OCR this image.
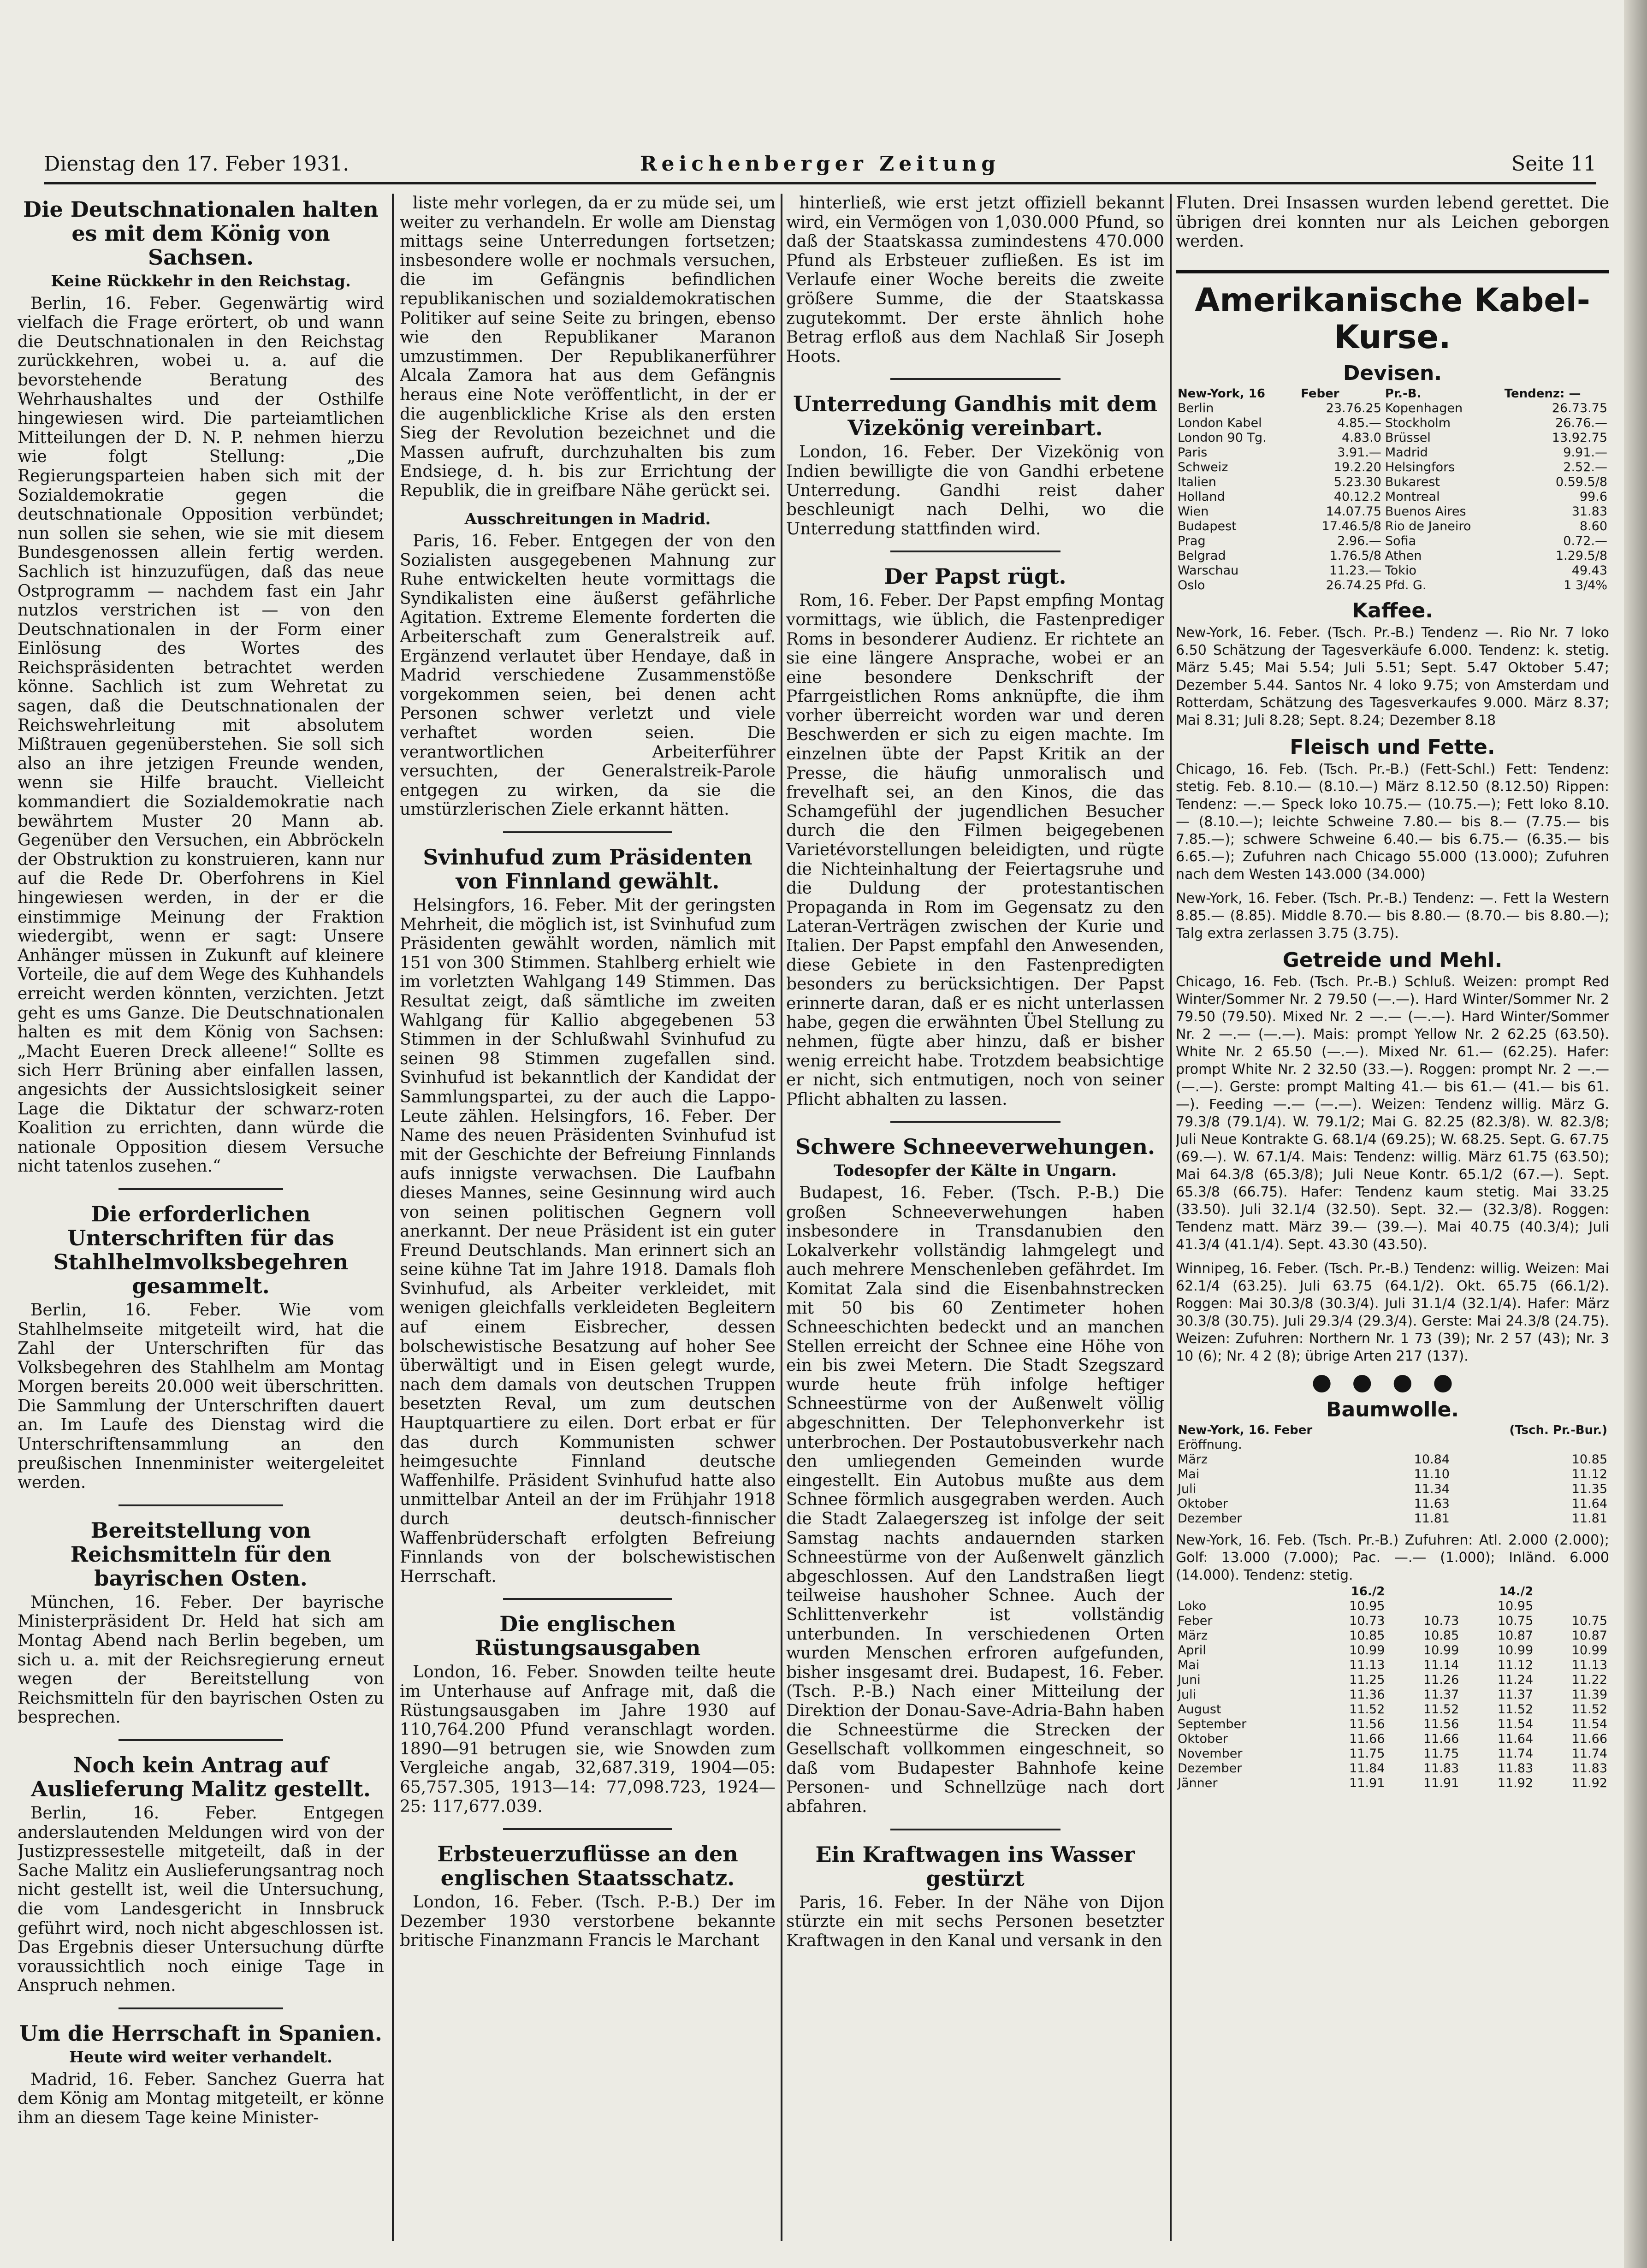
Dienstag den 17. Feber 1931.	Reichenberger Zeitung	Seite 11
Die Deutschnationalen halten es mit dem König von Sachsen.
Keine Rückkehr in den Reichstag.

Berlin, 16. Feber. Gegenwärtig wird vielfach die Frage erörtert, ob und wann die Deutschnationalen in den Reichstag zurückkehren, wobei u. a. auf die bevorstehende Beratung des Wehrhaushaltes und der Osthilfe hingewiesen wird. Die parteiamtlichen Mitteilungen der D. N. P. nehmen hierzu wie folgt Stellung: „Die Regierungsparteien haben sich mit der Sozialdemokratie gegen die deutschnationale Opposition verbündet; nun sollen sie sehen, wie sie mit diesem Bundesgenossen allein fertig werden. Sachlich ist hinzuzufügen, daß das neue Ostprogramm — nachdem fast ein Jahr nutzlos verstrichen ist — von den Deutschnationalen in der Form einer Einlösung des Wortes des Reichspräsidenten betrachtet werden könne. Sachlich ist zum Wehretat zu sagen, daß die Deutschnationalen der Reichswehrleitung mit absolutem Mißtrauen gegenüberstehen. Sie soll sich also an ihre jetzigen Freunde wenden, wenn sie Hilfe braucht. Vielleicht kommandiert die Sozialdemokratie nach bewährtem Muster 20 Mann ab. Gegenüber den Versuchen, ein Abbröckeln der Obstruktion zu konstruieren, kann nur auf die Rede Dr. Oberfohrens in Kiel hingewiesen werden, in der er die einstimmige Meinung der Fraktion wiedergibt, wenn er sagt: Unsere Anhänger müssen in Zukunft auf kleinere Vorteile, die auf dem Wege des Kuhhandels erreicht werden könnten, verzichten. Jetzt geht es ums Ganze. Die Deutschnationalen halten es mit dem König von Sachsen: „Macht Eueren Dreck alleene!“ Sollte es sich Herr Brüning aber einfallen lassen, angesichts der Aussichtslosigkeit seiner Lage die Diktatur der schwarz-roten Koalition zu errichten, dann würde die nationale Opposition diesem Versuche nicht tatenlos zusehen.“

Die erforderlichen Unterschriften für das Stahlhelmvolksbegehren gesammelt.

Berlin, 16. Feber. Wie vom Stahlhelmseite mitgeteilt wird, hat die Zahl der Unterschriften für das Volksbegehren des Stahlhelm am Montag Morgen bereits 20.000 weit überschritten. Die Sammlung der Unterschriften dauert an. Im Laufe des Dienstag wird die Unterschriftensammlung an den preußischen Innenminister weitergeleitet werden.

Bereitstellung von Reichsmitteln für den bayrischen Osten.

München, 16. Feber. Der bayrische Ministerpräsident Dr. Held hat sich am Montag Abend nach Berlin begeben, um sich u. a. mit der Reichsregierung erneut wegen der Bereitstellung von Reichsmitteln für den bayrischen Osten zu besprechen.

Noch kein Antrag auf Auslieferung Malitz gestellt.

Berlin, 16. Feber. Entgegen anderslautenden Meldungen wird von der Justizpressestelle mitgeteilt, daß in der Sache Malitz ein Auslieferungsantrag noch nicht gestellt ist, weil die Untersuchung, die vom Landesgericht in Innsbruck geführt wird, noch nicht abgeschlossen ist. Das Ergebnis dieser Untersuchung dürfte voraussichtlich noch einige Tage in Anspruch nehmen.

Um die Herrschaft in Spanien.
Heute wird weiter verhandelt.

Madrid, 16. Feber. Sanchez Guerra hat dem König am Montag mitgeteilt, er könne ihm an diesem Tage keine Minister-

liste mehr vorlegen, da er zu müde sei, um weiter zu verhandeln. Er wolle am Dienstag mittags seine Unterredungen fortsetzen; insbesondere wolle er nochmals versuchen, die im Gefängnis befindlichen republikanischen und sozialdemokratischen Politiker auf seine Seite zu bringen, ebenso wie den Republikaner Maranon umzustimmen. Der Republikanerführer Alcala Zamora hat aus dem Gefängnis heraus eine Note veröffentlicht, in der er die augenblickliche Krise als den ersten Sieg der Revolution bezeichnet und die Massen aufruft, durchzuhalten bis zum Endsiege, d. h. bis zur Errichtung der Republik, die in greifbare Nähe gerückt sei.

Ausschreitungen in Madrid.

Paris, 16. Feber. Entgegen der von den Sozialisten ausgegebenen Mahnung zur Ruhe entwickelten heute vormittags die Syndikalisten eine äußerst gefährliche Agitation. Extreme Elemente forderten die Arbeiterschaft zum Generalstreik auf. Ergänzend verlautet über Hendaye, daß in Madrid verschiedene Zusammenstöße vorgekommen seien, bei denen acht Personen schwer verletzt und viele verhaftet worden seien. Die verantwortlichen Arbeiterführer versuchten, der Generalstreik-Parole entgegen zu wirken, da sie die umstürzlerischen Ziele erkannt hätten.

Svinhufud zum Präsidenten von Finnland gewählt.

Helsingfors, 16. Feber. Mit der geringsten Mehrheit, die möglich ist, ist Svinhufud zum Präsidenten gewählt worden, nämlich mit 151 von 300 Stimmen. Stahlberg erhielt wie im vorletzten Wahlgang 149 Stimmen. Das Resultat zeigt, daß sämtliche im zweiten Wahlgang für Kallio abgegebenen 53 Stimmen in der Schlußwahl Svinhufud zu seinen 98 Stimmen zugefallen sind. Svinhufud ist bekanntlich der Kandidat der Sammlungspartei, zu der auch die Lappo-Leute zählen. Helsingfors, 16. Feber. Der Name des neuen Präsidenten Svinhufud ist mit der Geschichte der Befreiung Finnlands aufs innigste verwachsen. Die Laufbahn dieses Mannes, seine Gesinnung wird auch von seinen politischen Gegnern voll anerkannt. Der neue Präsident ist ein guter Freund Deutschlands. Man erinnert sich an seine kühne Tat im Jahre 1918. Damals floh Svinhufud, als Arbeiter verkleidet, mit wenigen gleichfalls verkleideten Begleitern auf einem Eisbrecher, dessen bolschewistische Besatzung auf hoher See überwältigt und in Eisen gelegt wurde, nach dem damals von deutschen Truppen besetzten Reval, um zum deutschen Hauptquartiere zu eilen. Dort erbat er für das durch Kommunisten schwer heimgesuchte Finnland deutsche Waffenhilfe. Präsident Svinhufud hatte also unmittelbar Anteil an der im Frühjahr 1918 durch deutsch-finnischer Waffenbrüderschaft erfolgten Befreiung Finnlands von der bolschewistischen Herrschaft.

Die englischen Rüstungsausgaben

London, 16. Feber. Snowden teilte heute im Unterhause auf Anfrage mit, daß die Rüstungsausgaben im Jahre 1930 auf 110,764.200 Pfund veranschlagt worden. 1890—91 betrugen sie, wie Snowden zum Vergleiche angab, 32,687.319, 1904—05: 65,757.305, 1913—14: 77,098.723, 1924—25: 117,677.039.

Erbsteuerzuflüsse an den englischen Staatsschatz.

London, 16. Feber. (Tsch. P.-B.) Der im Dezember 1930 verstorbene bekannte britische Finanzmann Francis le Marchant

hinterließ, wie erst jetzt offiziell bekannt wird, ein Vermögen von 1,030.000 Pfund, so daß der Staatskassa zumindestens 470.000 Pfund als Erbsteuer zufließen. Es ist im Verlaufe einer Woche bereits die zweite größere Summe, die der Staatskassa zugutekommt. Der erste ähnlich hohe Betrag erfloß aus dem Nachlaß Sir Joseph Hoots.

Unterredung Gandhis mit dem Vizekönig vereinbart.

London, 16. Feber. Der Vizekönig von Indien bewilligte die von Gandhi erbetene Unterredung. Gandhi reist daher beschleunigt nach Delhi, wo die Unterredung stattfinden wird.

Der Papst rügt.

Rom, 16. Feber. Der Papst empfing Montag vormittags, wie üblich, die Fastenprediger Roms in besonderer Audienz. Er richtete an sie eine längere Ansprache, wobei er an eine besondere Denkschrift der Pfarrgeistlichen Roms anknüpfte, die ihm vorher überreicht worden war und deren Beschwerden er sich zu eigen machte. Im einzelnen übte der Papst Kritik an der Presse, die häufig unmoralisch und frevelhaft sei, an den Kinos, die das Schamgefühl der jugendlichen Besucher durch die den Filmen beigegebenen Varietévorstellungen beleidigten, und rügte die Nichteinhaltung der Feiertagsruhe und die Duldung der protestantischen Propaganda in Rom im Gegensatz zu den Lateran-Verträgen zwischen der Kurie und Italien. Der Papst empfahl den Anwesenden, diese Gebiete in den Fastenpredigten besonders zu berücksichtigen. Der Papst erinnerte daran, daß er es nicht unterlassen habe, gegen die erwähnten Übel Stellung zu nehmen, fügte aber hinzu, daß er bisher wenig erreicht habe. Trotzdem beabsichtige er nicht, sich entmutigen, noch von seiner Pflicht abhalten zu lassen.

Schwere Schneeverwehungen.
Todesopfer der Kälte in Ungarn.

Budapest, 16. Feber. (Tsch. P.-B.) Die großen Schneeverwehungen haben insbesondere in Transdanubien den Lokalverkehr vollständig lahmgelegt und auch mehrere Menschenleben gefährdet. Im Komitat Zala sind die Eisenbahnstrecken mit 50 bis 60 Zentimeter hohen Schneeschichten bedeckt und an manchen Stellen erreicht der Schnee eine Höhe von ein bis zwei Metern. Die Stadt Szegszard wurde heute früh infolge heftiger Schneestürme von der Außenwelt völlig abgeschnitten. Der Telephonverkehr ist unterbrochen. Der Postautobusverkehr nach den umliegenden Gemeinden wurde eingestellt. Ein Autobus mußte aus dem Schnee förmlich ausgegraben werden. Auch die Stadt Zalaegerszeg ist infolge der seit Samstag nachts andauernden starken Schneestürme von der Außenwelt gänzlich abgeschlossen. Auf den Landstraßen liegt teilweise haushoher Schnee. Auch der Schlittenverkehr ist vollständig unterbunden. In verschiedenen Orten wurden Menschen erfroren aufgefunden, bisher insgesamt drei. Budapest, 16. Feber. (Tsch. P.-B.) Nach einer Mitteilung der Direktion der Donau-Save-Adria-Bahn haben die Schneestürme die Strecken der Gesellschaft vollkommen eingeschneit, so daß vom Budapester Bahnhofe keine Personen- und Schnellzüge nach dort abfahren.

Ein Kraftwagen ins Wasser gestürzt

Paris, 16. Feber. In der Nähe von Dijon stürzte ein mit sechs Personen besetzter Kraftwagen in den Kanal und versank in den

Fluten. Drei Insassen wurden lebend gerettet. Die übrigen drei konnten nur als Leichen geborgen werden.

Amerikanische Kabel-Kurse.
Devisen.
New-York, 16	Feber	Pr.-B.	Tendenz: —
Berlin	23.76.25	Kopenhagen	26.73.75
London Kabel	4.85.—	Stockholm	26.76.—
London 90 Tg.	4.83.0	Brüssel	13.92.75
Paris	3.91.—	Madrid	9.91.—
Schweiz	19.2.20	Helsingfors	2.52.—
Italien	5.23.30	Bukarest	0.59.5/8
Holland	40.12.2	Montreal	99.6
Wien	14.07.75	Buenos Aires	31.83
Budapest	17.46.5/8	Rio de Janeiro	8.60
Prag	2.96.—	Sofia	0.72.—
Belgrad	1.76.5/8	Athen	1.29.5/8
Warschau	11.23.—	Tokio	49.43
Oslo	26.74.25	Pfd. G.	1 3/4%
Kaffee.

New-York, 16. Feber. (Tsch. Pr.-B.) Tendenz —. Rio Nr. 7 loko 6.50 Schätzung der Tagesverkäufe 6.000. Tendenz: k. stetig. März 5.45; Mai 5.54; Juli 5.51; Sept. 5.47 Oktober 5.47; Dezember 5.44. Santos Nr. 4 loko 9.75; von Amsterdam und Rotterdam, Schätzung des Tagesverkaufes 9.000. März 8.37; Mai 8.31; Juli 8.28; Sept. 8.24; Dezember 8.18

Fleisch und Fette.

Chicago, 16. Feb. (Tsch. Pr.-B.) (Fett-Schl.) Fett: Tendenz: stetig. Feb. 8.10.— (8.10.—) März 8.12.50 (8.12.50) Rippen: Tendenz: —.— Speck loko 10.75.— (10.75.—); Fett loko 8.10.— (8.10.—); leichte Schweine 7.80.— bis 8.— (7.75.— bis 7.85.—); schwere Schweine 6.40.— bis 6.75.— (6.35.— bis 6.65.—); Zufuhren nach Chicago 55.000 (13.000); Zufuhren nach dem Westen 143.000 (34.000)

New-York, 16. Feber. (Tsch. Pr.-B.) Tendenz: —. Fett la Western 8.85.— (8.85). Middle 8.70.— bis 8.80.— (8.70.— bis 8.80.—); Talg extra zerlassen 3.75 (3.75).

Getreide und Mehl.

Chicago, 16. Feb. (Tsch. Pr.-B.) Schluß. Weizen: prompt Red Winter/Sommer Nr. 2 79.50 (—.—). Hard Winter/Sommer Nr. 2 79.50 (79.50). Mixed Nr. 2 —.— (—.—). Hard Winter/Sommer Nr. 2 —.— (—.—). Mais: prompt Yellow Nr. 2 62.25 (63.50). White Nr. 2 65.50 (—.—). Mixed Nr. 61.— (62.25). Hafer: prompt White Nr. 2 32.50 (33.—). Roggen: prompt Nr. 2 —.— (—.—). Gerste: prompt Malting 41.— bis 61.— (41.— bis 61.—). Feeding —.— (—.—). Weizen: Tendenz willig. März G. 79.3/8 (79.1/4). W. 79.1/2; Mai G. 82.25 (82.3/8). W. 82.3/8; Juli Neue Kontrakte G. 68.1/4 (69.25); W. 68.25. Sept. G. 67.75 (69.—). W. 67.1/4. Mais: Tendenz: willig. März 61.75 (63.50); Mai 64.3/8 (65.3/8); Juli Neue Kontr. 65.1/2 (67.—). Sept. 65.3/8 (66.75). Hafer: Tendenz kaum stetig. Mai 33.25 (33.50). Juli 32.1/4 (32.50). Sept. 32.— (32.3/8). Roggen: Tendenz matt. März 39.— (39.—). Mai 40.75 (40.3/4); Juli 41.3/4 (41.1/4). Sept. 43.30 (43.50).

Winnipeg, 16. Feber. (Tsch. Pr.-B.) Tendenz: willig. Weizen: Mai 62.1/4 (63.25). Juli 63.75 (64.1/2). Okt. 65.75 (66.1/2). Roggen: Mai 30.3/8 (30.3/4). Juli 31.1/4 (32.1/4). Hafer: März 30.3/8 (30.75). Juli 29.3/4 (29.3/4). Gerste: Mai 24.3/8 (24.75). Weizen: Zufuhren: Northern Nr. 1 73 (39); Nr. 2 57 (43); Nr. 3 10 (6); Nr. 4 2 (8); übrige Arten 217 (137).

●●●●
Baumwolle.
New-York, 16. Feber		(Tsch. Pr.-Bur.)
Eröffnung.		
März	10.84	10.85
Mai	11.10	11.12
Juli	11.34	11.35
Oktober	11.63	11.64
Dezember	11.81	11.81

New-York, 16. Feb. (Tsch. Pr.-B.) Zufuhren: Atl. 2.000 (2.000); Golf: 13.000 (7.000); Pac. —.— (1.000); Inländ. 6.000 (14.000). Tendenz: stetig.

	16./2		14./2	
Loko	10.95		10.95	
Feber	10.73	10.73	10.75	10.75
März	10.85	10.85	10.87	10.87
April	10.99	10.99	10.99	10.99
Mai	11.13	11.14	11.12	11.13
Juni	11.25	11.26	11.24	11.22
Juli	11.36	11.37	11.37	11.39
August	11.52	11.52	11.52	11.52
September	11.56	11.56	11.54	11.54
Oktober	11.66	11.66	11.64	11.66
November	11.75	11.75	11.74	11.74
Dezember	11.84	11.83	11.83	11.83
Jänner	11.91	11.91	11.92	11.92
